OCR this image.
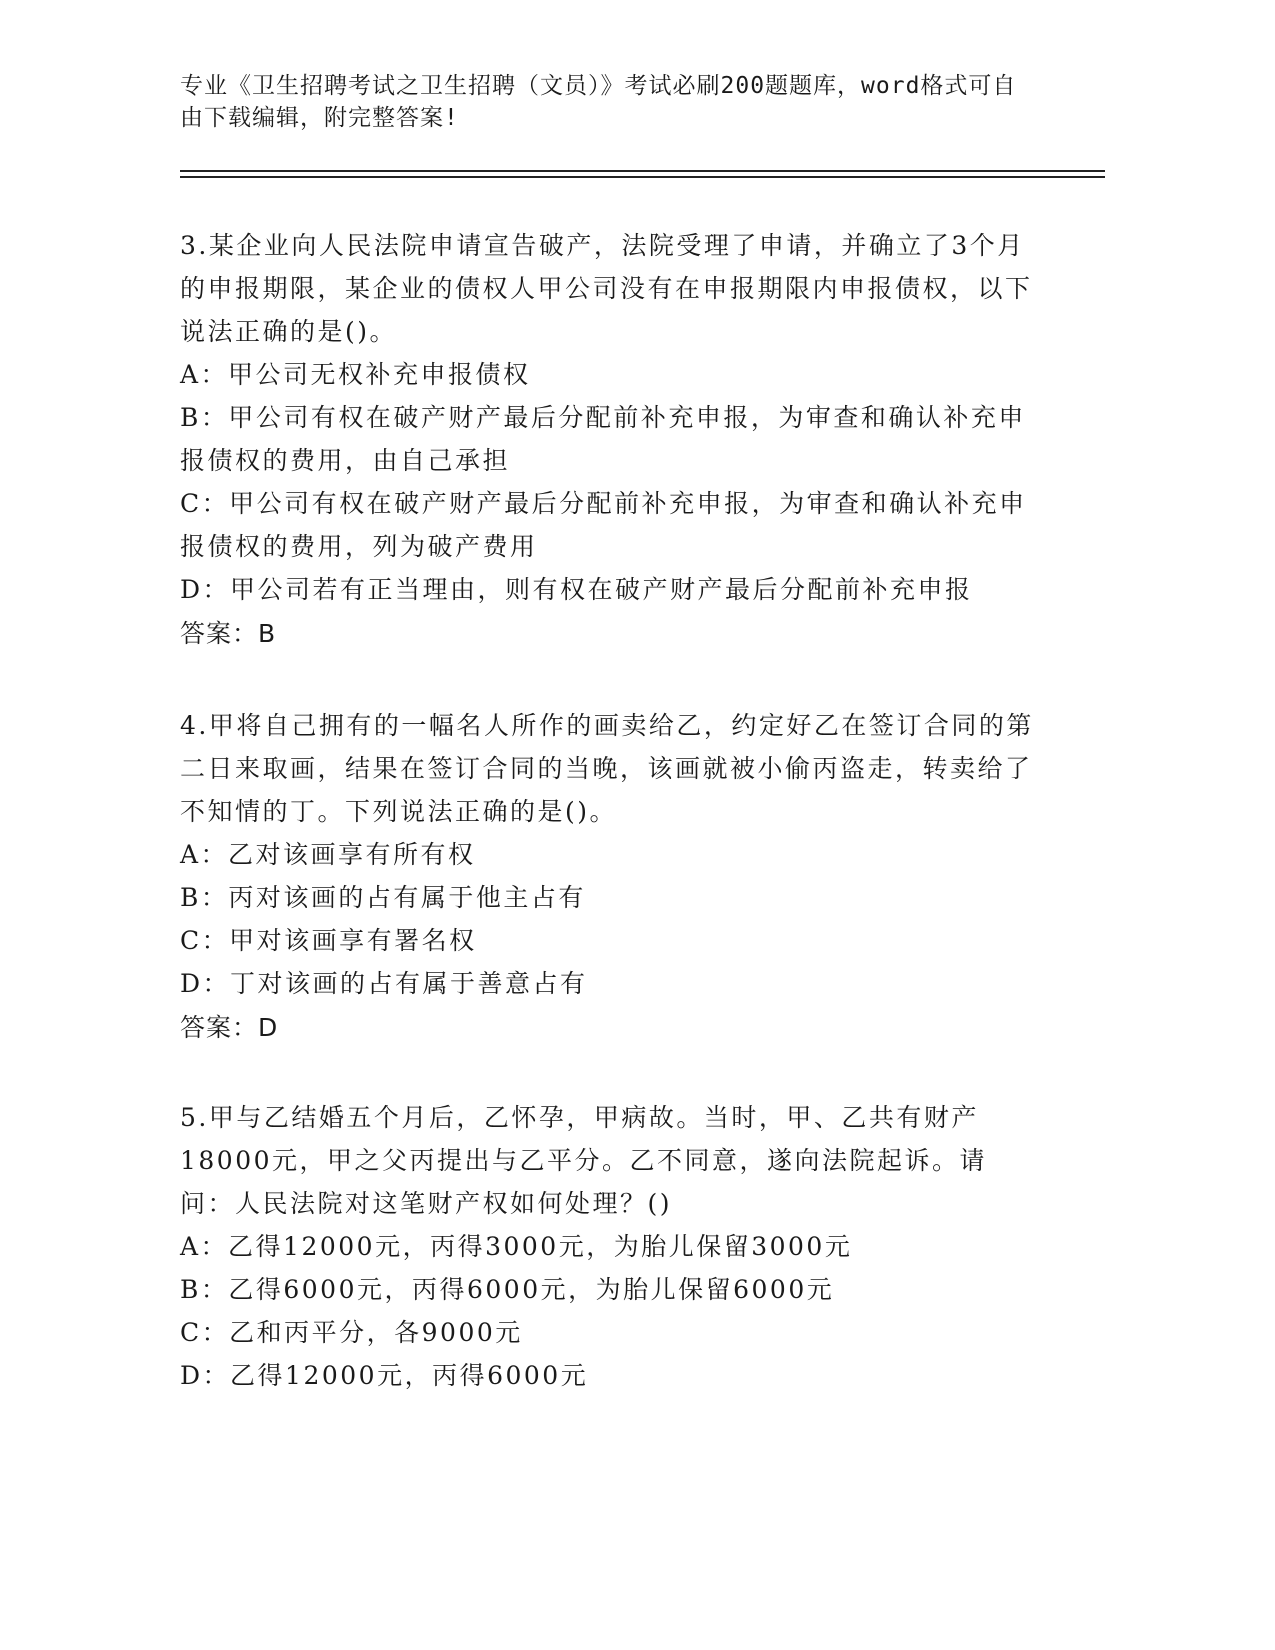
专业《卫生招聘考试之卫生招聘（文员）》考试必刷200题题库，word格式可自由下载编辑，附完整答案!
3.某企业向人民法院申请宣告破产，法院受理了申请，并确立了3个月的申报期限，某企业的债权人甲公司没有在申报期限内申报债权，以下说法正确的是()。
A：甲公司无权补充申报债权
B：甲公司有权在破产财产最后分配前补充申报，为审查和确认补充申报债权的费用，由自己承担
C：甲公司有权在破产财产最后分配前补充申报，为审查和确认补充申报债权的费用，列为破产费用
D：甲公司若有正当理由，则有权在破产财产最后分配前补充申报
答案：B
4.甲将自己拥有的一幅名人所作的画卖给乙，约定好乙在签订合同的第二日来取画，结果在签订合同的当晚，该画就被小偷丙盗走，转卖给了不知情的丁。下列说法正确的是()。
A：乙对该画享有所有权
B：丙对该画的占有属于他主占有
C：甲对该画享有署名权
D：丁对该画的占有属于善意占有
答案：D
5.甲与乙结婚五个月后，乙怀孕，甲病故。当时，甲、乙共有财产18000元，甲之父丙提出与乙平分。乙不同意，遂向法院起诉。请问：人民法院对这笔财产权如何处理？()
A：乙得12000元，丙得3000元，为胎儿保留3000元
B：乙得6000元，丙得6000元，为胎儿保留6000元
C：乙和丙平分，各9000元
D：乙得12000元，丙得6000元
